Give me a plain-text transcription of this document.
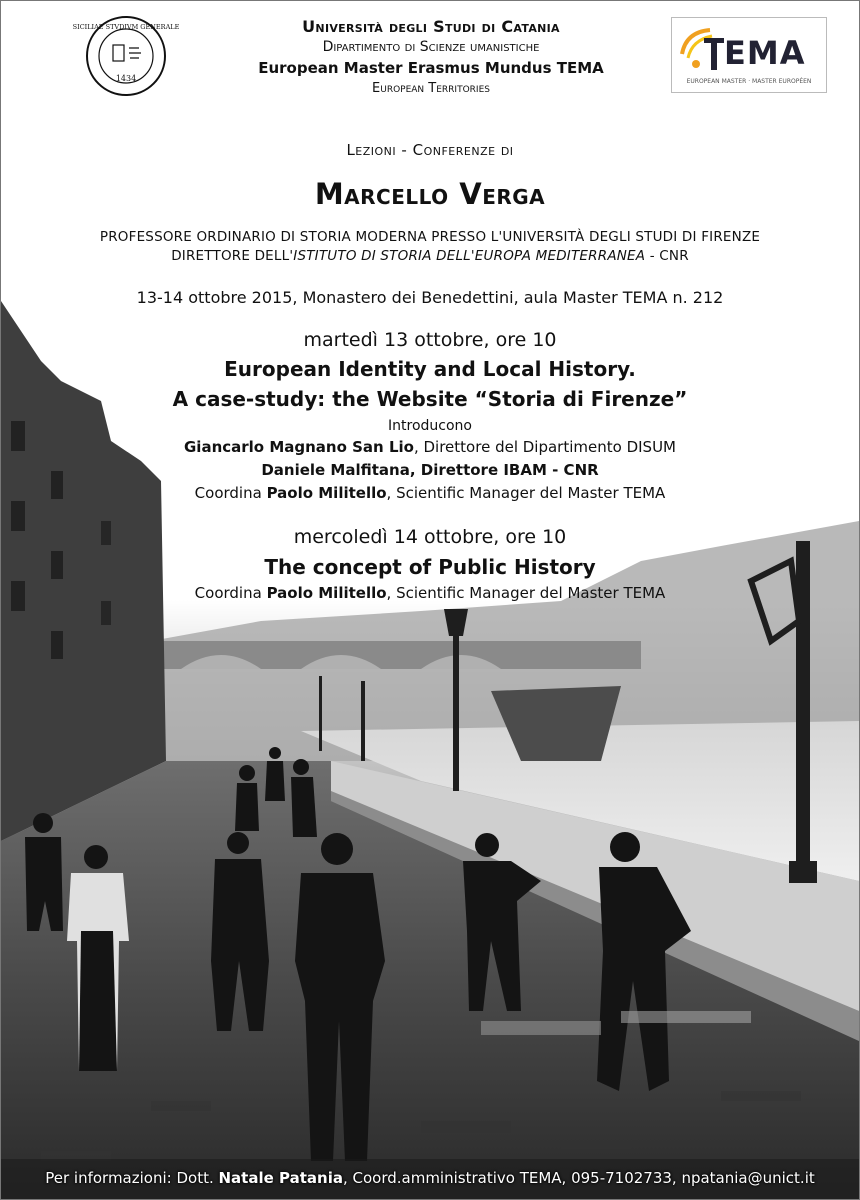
SICILIAE STVDIVM GENERALE
1434
Università degli Studi di Catania
Dipartimento di Scienze umanistiche
European Master Erasmus Mundus TEMA
European Territories
EMA
EUROPEAN MASTER · MASTER EUROPÉEN
Lezioni - Conferenze di
Marcello Verga
PROFESSORE ORDINARIO DI STORIA MODERNA PRESSO L'UNIVERSITÀ DEGLI STUDI DI FIRENZE
DIRETTORE DELL'ISTITUTO DI STORIA DELL'EUROPA MEDITERRANEA - CNR
13-14 ottobre 2015, Monastero dei Benedettini, aula Master TEMA n. 212
martedì 13 ottobre, ore 10
European Identity and Local History.
A case-study: the Website “Storia di Firenze”
Introducono
Giancarlo Magnano San Lio, Direttore del Dipartimento DISUM
Daniele Malfitana, Direttore IBAM - CNR
Coordina Paolo Militello, Scientific Manager del Master TEMA
mercoledì 14 ottobre, ore 10
The concept of Public History
Coordina Paolo Militello, Scientific Manager del Master TEMA
Per informazioni: Dott. Natale Patania, Coord.amministrativo TEMA, 095-7102733, npatania@unict.it
